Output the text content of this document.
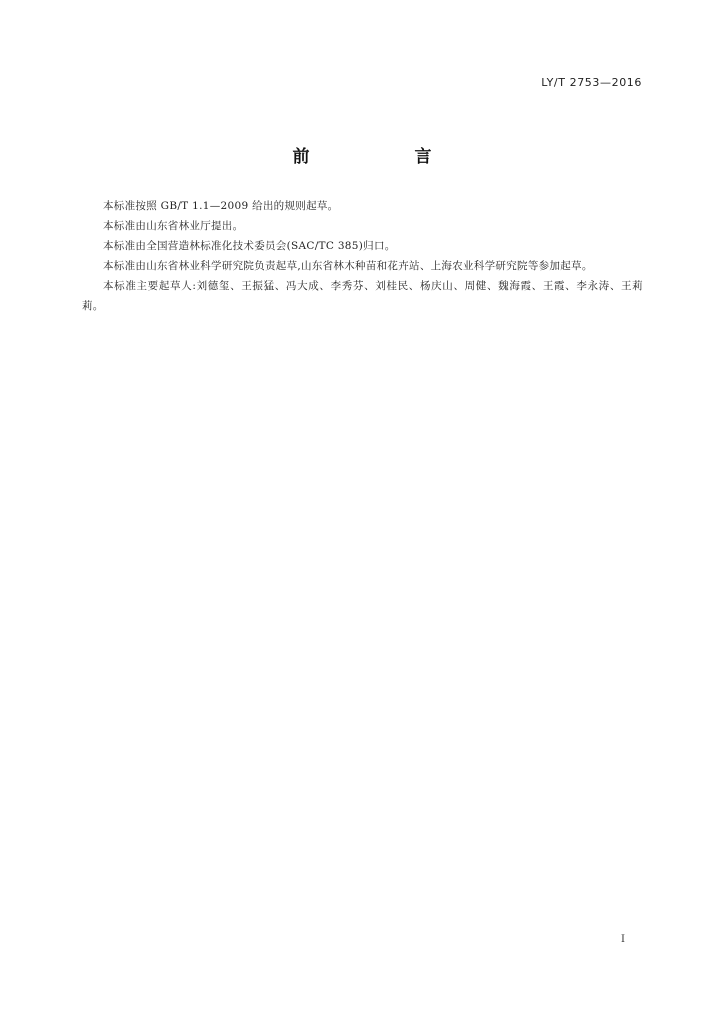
LY/T 2753—2016
前　言

本标准按照 GB/T 1.1—2009 给出的规则起草。

本标准由山东省林业厅提出。

本标准由全国营造林标准化技术委员会(SAC/TC 385)归口。

本标准由山东省林业科学研究院负责起草,山东省林木种苗和花卉站、上海农业科学研究院等参加起草。

本标准主要起草人:刘德玺、王振猛、冯大成、李秀芬、刘桂民、杨庆山、周健、魏海霞、王霞、李永涛、王莉莉。

I
